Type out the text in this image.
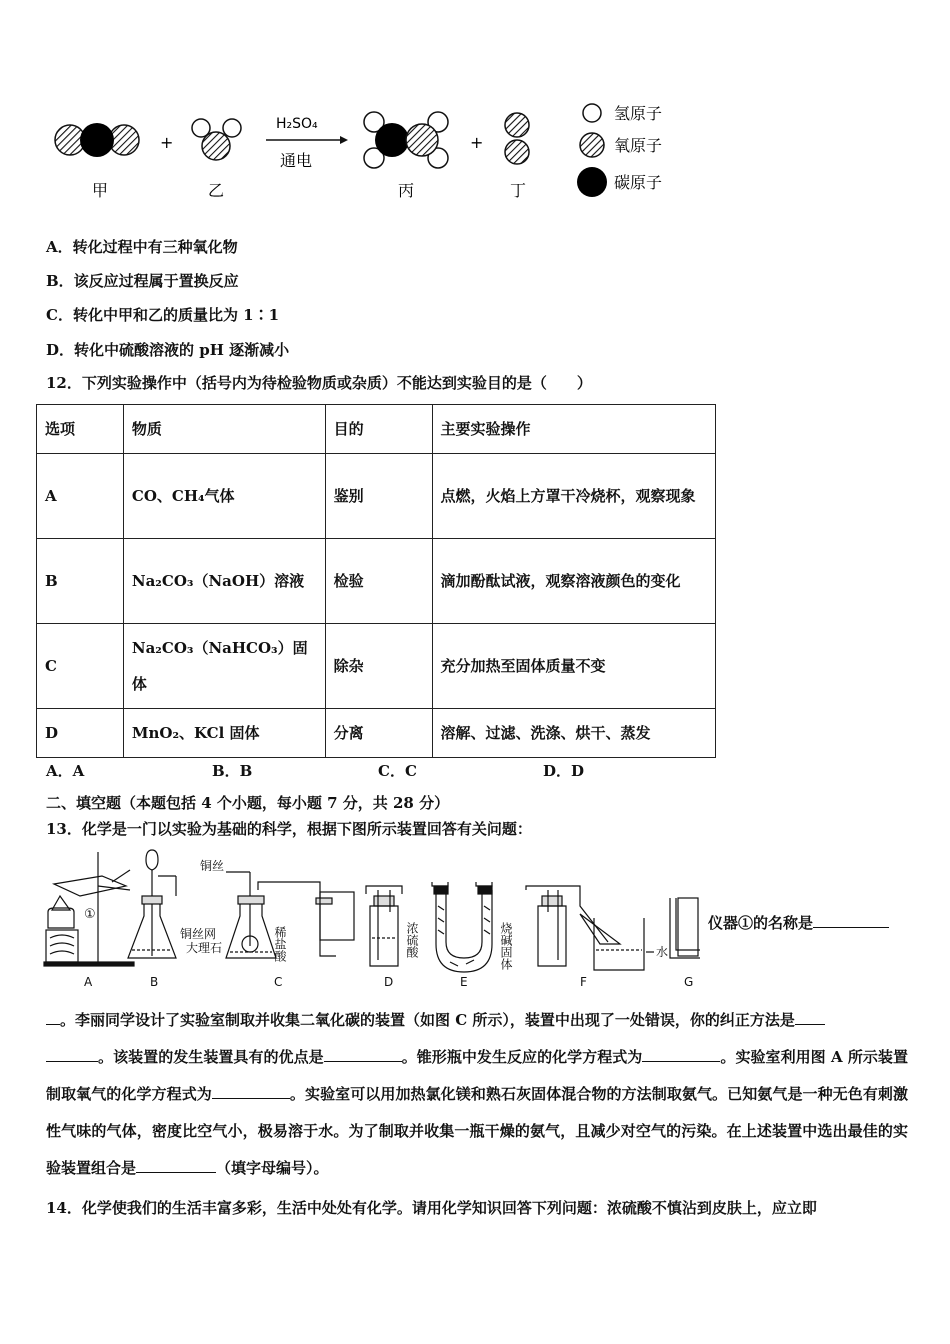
甲
+
乙
H₂SO₄
通电
丙
+
丁
氢原子
氧原子
碳原子
A．转化过程中有三种氧化物
B．该反应过程属于置换反应
C．转化中甲和乙的质量比为 1∶1
D．转化中硫酸溶液的 pH 逐渐减小
12．下列实验操作中（括号内为待检验物质或杂质）不能达到实验目的是（　　）
选项	物质	目的	主要实验操作
A	CO、CH₄气体	鉴别	点燃，火焰上方罩干冷烧杯，观察现象
B	Na₂CO₃（NaOH）溶液	检验	滴加酚酞试液，观察溶液颜色的变化
C	Na₂CO₃（NaHCO₃）固体	除杂	充分加热至固体质量不变
D	MnO₂、KCl 固体	分离	溶解、过滤、洗涤、烘干、蒸发
A．A	B．B	C．C	D．D
二、填空题（本题包括 4 个小题，每小题 7 分，共 28 分）
13．化学是一门以实验为基础的科学，根据下图所示装置回答有关问题：
①
铜丝
铜丝网
大理石	稀盐酸	浓硫酸	烧碱固体	水
A	B	C	D	E	F	G
仪器①的名称是
。李丽同学设计了实验室制取并收集二氧化碳的装置（如图 C 所示），装置中出现了一处错误，你的纠正方法是
。该装置的发生装置具有的优点是	。锥形瓶中发生反应的化学方程式为	。实验室利用图 A 所示装置制取氧气的化学方程式为	。实验室可以用加热氯化镁和熟石灰固体混合物的方法制取氨气。已知氨气是一种无色有刺激性气味的气体，密度比空气小，极易溶于水。为了制取并收集一瓶干燥的氨气，且减少对空气的污染。在上述装置中选出最佳的实验装置组合是	（填字母编号）。
14．化学使我们的生活丰富多彩，生活中处处有化学。请用化学知识回答下列问题：浓硫酸不慎沾到皮肤上，应立即
